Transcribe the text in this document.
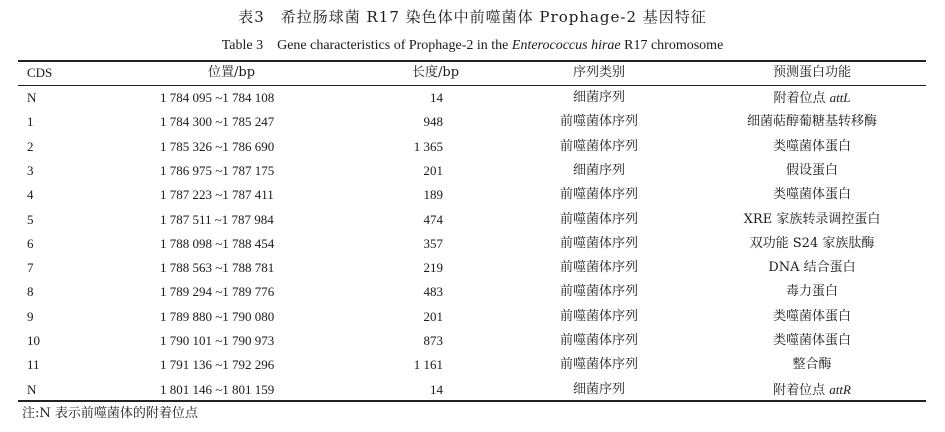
表3　希拉肠球菌 R17 染色体中前噬菌体 Prophage-2 基因特征
Table 3　Gene characteristics of Prophage-2 in the Enterococcus hirae R17 chromosome
CDS	位置/bp	长度/bp	序列类别	预测蛋白功能
N	1 784 095 ~1 784 108	14	细菌序列	附着位点 attL
1	1 784 300 ~1 785 247	948	前噬菌体序列	细菌萜醇葡糖基转移酶
2	1 785 326 ~1 786 690	1 365	前噬菌体序列	类噬菌体蛋白
3	1 786 975 ~1 787 175	201	细菌序列	假设蛋白
4	1 787 223 ~1 787 411	189	前噬菌体序列	类噬菌体蛋白
5	1 787 511 ~1 787 984	474	前噬菌体序列	XRE 家族转录调控蛋白
6	1 788 098 ~1 788 454	357	前噬菌体序列	双功能 S24 家族肽酶
7	1 788 563 ~1 788 781	219	前噬菌体序列	DNA 结合蛋白
8	1 789 294 ~1 789 776	483	前噬菌体序列	毒力蛋白
9	1 789 880 ~1 790 080	201	前噬菌体序列	类噬菌体蛋白
10	1 790 101 ~1 790 973	873	前噬菌体序列	类噬菌体蛋白
11	1 791 136 ~1 792 296	1 161	前噬菌体序列	整合酶
N	1 801 146 ~1 801 159	14	细菌序列	附着位点 attR
注:N 表示前噬菌体的附着位点
